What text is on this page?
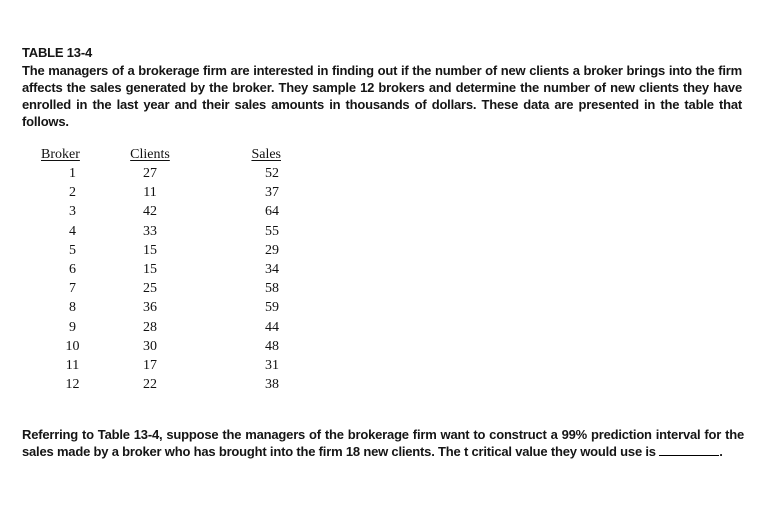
TABLE 13-4
The managers of a brokerage firm are interested in finding out if the number of new clients a broker brings into the firm affects the sales generated by the broker. They sample 12 brokers and determine the number of new clients they have enrolled in the last year and their sales amounts in thousands of dollars. These data are presented in the table that follows.
Broker	Clients	Sales
1	27	52
2	11	37
3	42	64
4	33	55
5	15	29
6	15	34
7	25	58
8	36	59
9	28	44
10	30	48
11	17	31
12	22	38
Referring to Table 13-4, suppose the managers of the brokerage firm want to construct a 99% prediction interval for the sales made by a broker who has brought into the firm 18 new clients. The t critical value they would use is	.
